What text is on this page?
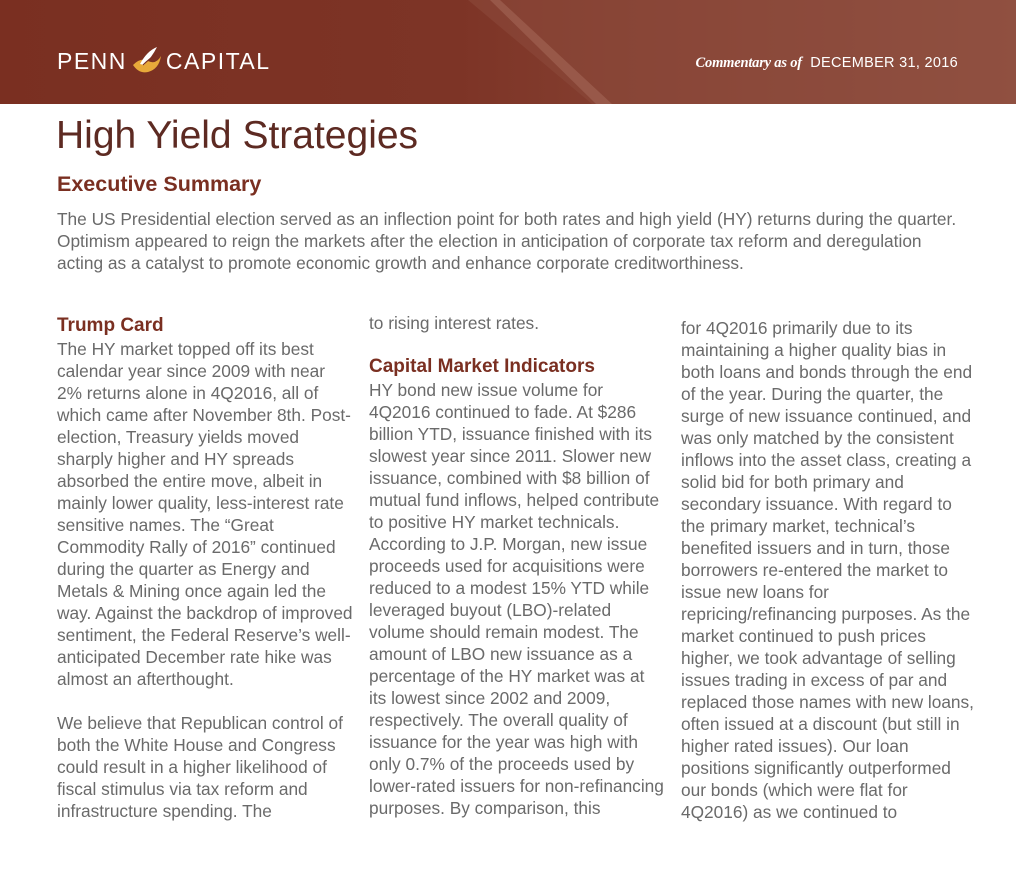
PENN CAPITAL	Commentary as of DECEMBER 31, 2016
High Yield Strategies
Executive Summary

The US Presidential election served as an inflection point for both rates and high yield (HY) returns during the quarter. Optimism appeared to reign the markets after the election in anticipation of corporate tax reform and deregulation acting as a catalyst to promote economic growth and enhance corporate creditworthiness.

Trump Card

The HY market topped off its best calendar year since 2009 with near 2% returns alone in 4Q2016, all of which came after November 8th. Post-election, Treasury yields moved sharply higher and HY spreads absorbed the entire move, albeit in mainly lower quality, less-interest rate sensitive names. The “Great Commodity Rally of 2016” continued during the quarter as Energy and Metals & Mining once again led the way. Against the backdrop of improved sentiment, the Federal Reserve’s well-anticipated December rate hike was almost an afterthought.

We believe that Republican control of both the White House and Congress could result in a higher likelihood of fiscal stimulus via tax reform and infrastructure spending. The

to rising interest rates.

Capital Market Indicators

HY bond new issue volume for 4Q2016 continued to fade. At $286 billion YTD, issuance finished with its slowest year since 2011. Slower new issuance, combined with $8 billion of mutual fund inflows, helped contribute to positive HY market technicals. According to J.P. Morgan, new issue proceeds used for acquisitions were reduced to a modest 15% YTD while leveraged buyout (LBO)-related volume should remain modest. The amount of LBO new issuance as a percentage of the HY market was at its lowest since 2002 and 2009, respectively. The overall quality of issuance for the year was high with only 0.7% of the proceeds used by lower-rated issuers for non-refinancing purposes. By comparison, this

for 4Q2016 primarily due to its maintaining a higher quality bias in both loans and bonds through the end of the year. During the quarter, the surge of new issuance continued, and was only matched by the consistent inflows into the asset class, creating a solid bid for both primary and secondary issuance. With regard to the primary market, technical’s benefited issuers and in turn, those borrowers re-entered the market to issue new loans for repricing/refinancing purposes. As the market continued to push prices higher, we took advantage of selling issues trading in excess of par and replaced those names with new loans, often issued at a discount (but still in higher rated issues). Our loan positions significantly outperformed our bonds (which were flat for 4Q2016) as we continued to
